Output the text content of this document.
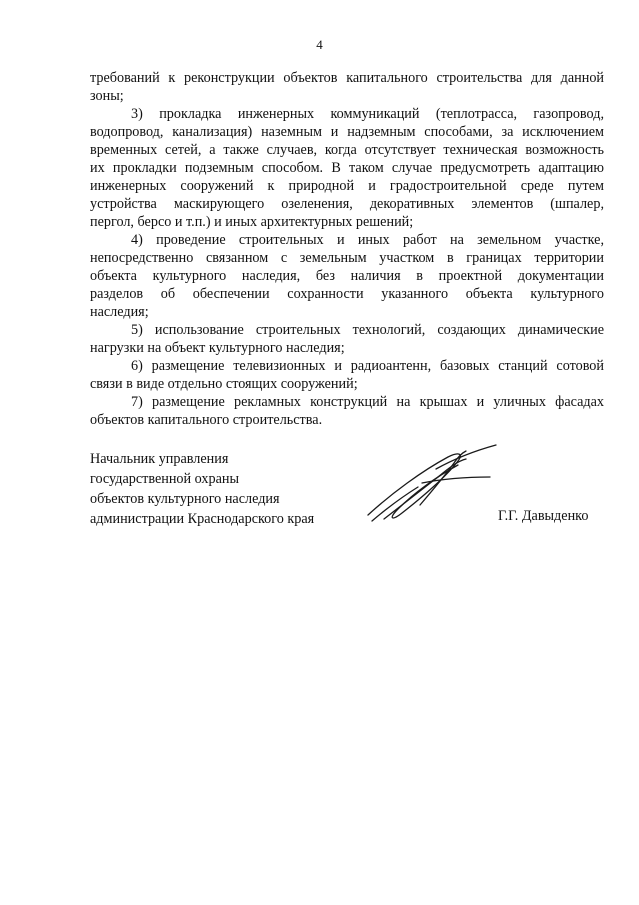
4
требований к реконструкции объектов капитального строительства для данной
зоны;
3) прокладка инженерных коммуникаций (теплотрасса, газопровод,
водопровод, канализация) наземным и надземным способами, за исключением
временных сетей, а также случаев, когда отсутствует техническая возможность
их прокладки подземным способом. В таком случае предусмотреть адаптацию
инженерных сооружений к природной и градостроительной среде путем
устройства маскирующего озеленения, декоративных элементов (шпалер,
пергол, берсо и т.п.) и иных архитектурных решений;
4) проведение строительных и иных работ на земельном участке,
непосредственно связанном с земельным участком в границах территории
объекта культурного наследия, без наличия в проектной документации
разделов об обеспечении сохранности указанного объекта культурного
наследия;
5) использование строительных технологий, создающих динамические
нагрузки на объект культурного наследия;
6) размещение телевизионных и радиоантенн, базовых станций сотовой
связи в виде отдельно стоящих сооружений;
7) размещение рекламных конструкций на крышах и уличных фасадах
объектов капитального строительства.
Начальник управления
государственной охраны
объектов культурного наследия
администрации Краснодарского края	Г.Г. Давыденко
